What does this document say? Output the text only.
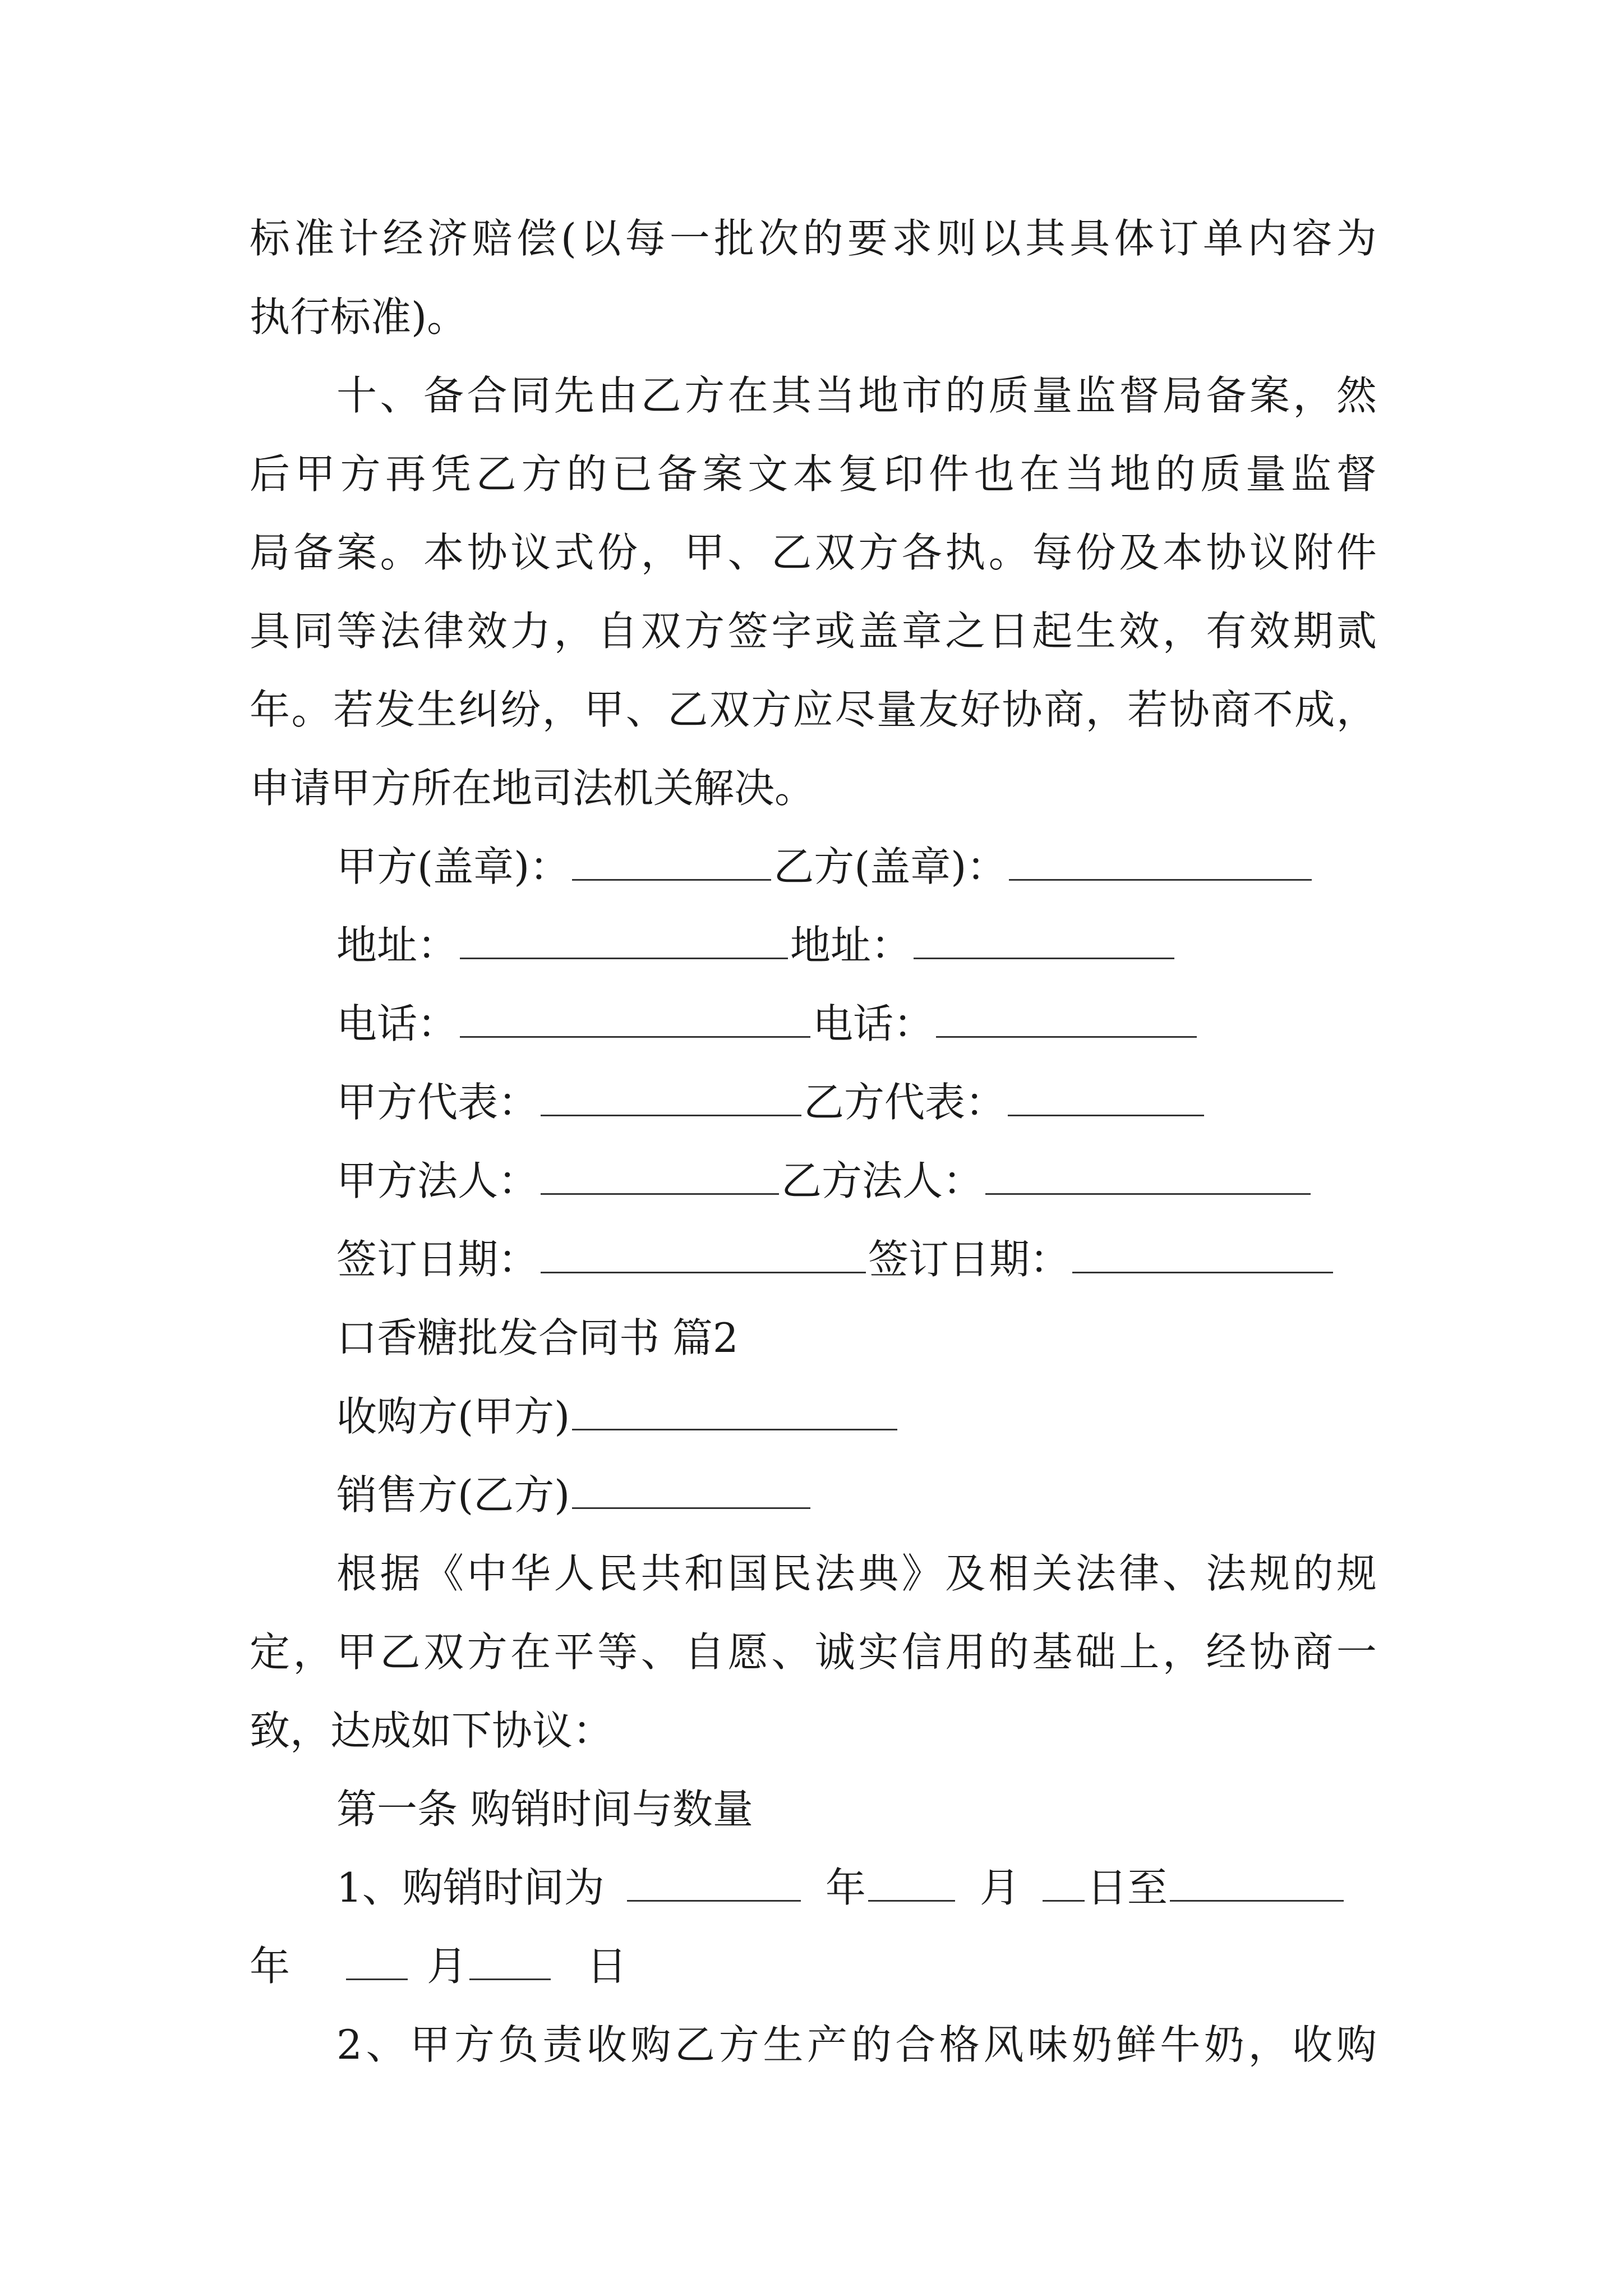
标 准 计 经 济 赔 偿 ( 以 每 一 批 次 的 要 求 则 以 其 具 体 订 单 内 容 为
执行标准)。
十 、 备 合 同 先 由 乙 方 在 其 当 地 市 的 质 量 监 督 局 备 案 ， 然
后 甲 方 再 凭 乙 方 的 已 备 案 文 本 复 印 件 也 在 当 地 的 质 量 监 督
局 备 案 。 本 协 议 式 份 ， 甲 、 乙 双 方 各 执 。 每 份 及 本 协 议 附 件
具 同 等 法 律 效 力 ， 自 双 方 签 字 或 盖 章 之 日 起 生 效 ， 有 效 期 贰
年 。 若 发 生 纠 纷 ， 甲 、 乙 双 方 应 尽 量 友 好 协 商 ， 若 协 商 不 成 ，
申请甲方所在地司法机关解决。
甲方(盖章)：	乙方(盖章)：
地址：	地址：
电话：	电话：
甲方代表：	乙方代表：
甲方法人：	乙方法人：
签订日期：	签订日期：
口香糖批发合同书 篇2
收购方(甲方)
销售方(乙方)
根 据 《 中 华 人 民 共 和 国 民 法 典 》 及 相 关 法 律 、 法 规 的 规
定 ， 甲 乙 双 方 在 平 等 、 自 愿 、 诚 实 信 用 的 基 础 上 ， 经 协 商 一
致，达成如下协议：
第一条 购销时间与数量
1、购销时间为	年	月 日至
年	月	日
2 、 甲 方 负 责 收 购 乙 方 生 产 的 合 格 风 味 奶 鲜 牛 奶 ， 收 购
